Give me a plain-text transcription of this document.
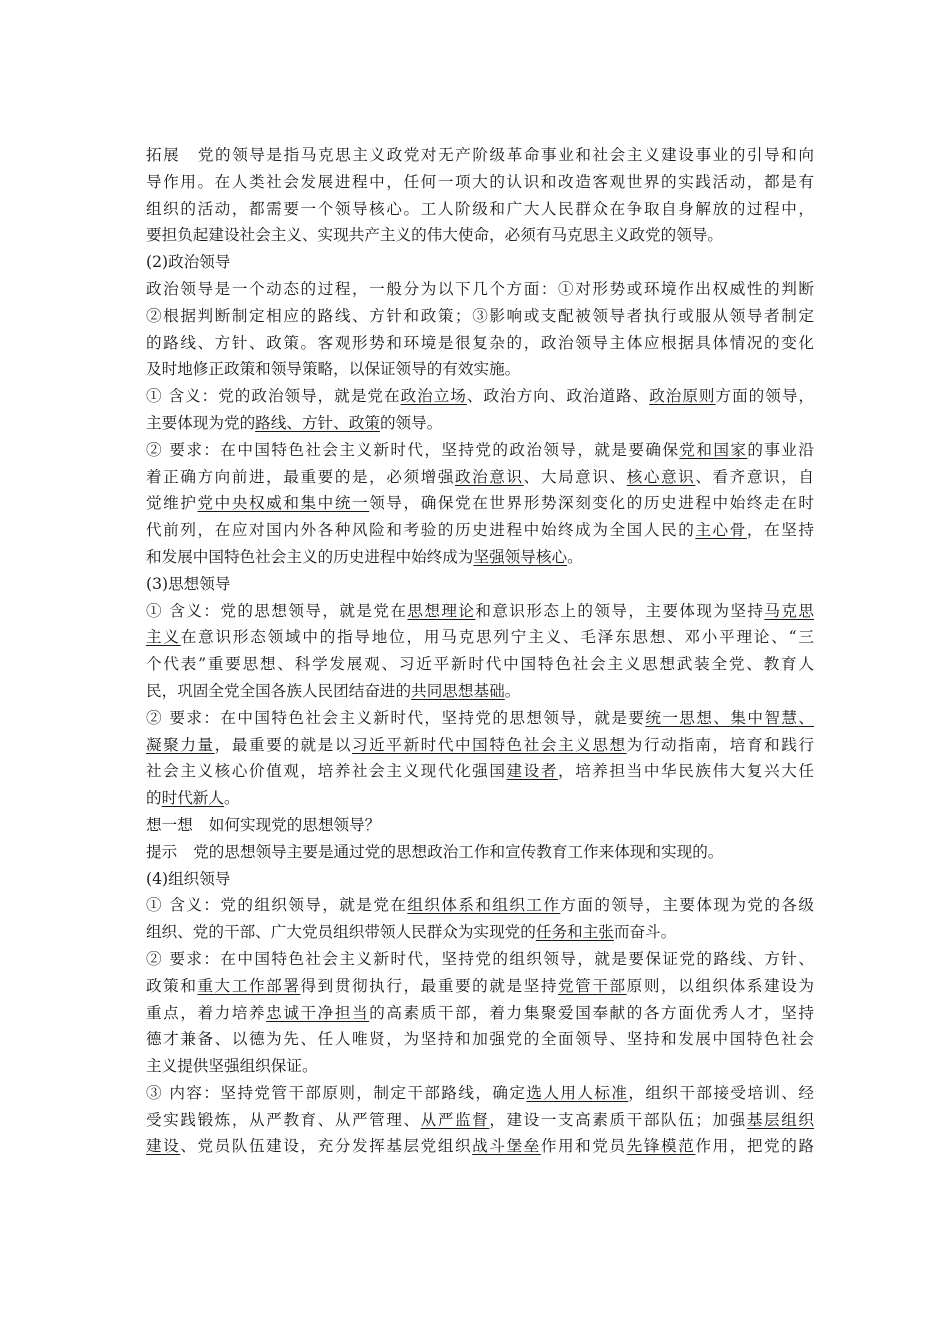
拓展 党的领导是指马克思主义政党对无产阶级革命事业和社会主义建设事业的引导和向
导作用。在人类社会发展进程中，任何一项大的认识和改造客观世界的实践活动，都是有
组织的活动，都需要一个领导核心。工人阶级和广大人民群众在争取自身解放的过程中，
要担负起建设社会主义、实现共产主义的伟大使命，必须有马克思主义政党的领导。

(2)政治领导

政治领导是一个动态的过程，一般分为以下几个方面：①对形势或环境作出权威性的判断
②根据判断制定相应的路线、方针和政策；③影响或支配被领导者执行或服从领导者制定
的路线、方针、政策。客观形势和环境是很复杂的，政治领导主体应根据具体情况的变化
及时地修正政策和领导策略，以保证领导的有效实施。

① 含义：党的政治领导，就是党在政治立场、政治方向、政治道路、政治原则方面的领导，
主要体现为党的路线、方针、政策的领导。

② 要求：在中国特色社会主义新时代，坚持党的政治领导，就是要确保党和国家的事业沿
着正确方向前进，最重要的是，必须增强政治意识、大局意识、核心意识、看齐意识，自
觉维护党中央权威和集中统一领导，确保党在世界形势深刻变化的历史进程中始终走在时
代前列，在应对国内外各种风险和考验的历史进程中始终成为全国人民的主心骨，在坚持
和发展中国特色社会主义的历史进程中始终成为坚强领导核心。

(3)思想领导

① 含义：党的思想领导，就是党在思想理论和意识形态上的领导，主要体现为坚持马克思
主义在意识形态领域中的指导地位，用马克思列宁主义、毛泽东思想、邓小平理论、“三
个代表”重要思想、科学发展观、习近平新时代中国特色社会主义思想武装全党、教育人
民，巩固全党全国各族人民团结奋进的共同思想基础。

② 要求：在中国特色社会主义新时代，坚持党的思想领导，就是要统一思想、集中智慧、
凝聚力量，最重要的就是以习近平新时代中国特色社会主义思想为行动指南，培育和践行
社会主义核心价值观，培养社会主义现代化强国建设者，培养担当中华民族伟大复兴大任
的时代新人。

想一想 如何实现党的思想领导？

提示 党的思想领导主要是通过党的思想政治工作和宣传教育工作来体现和实现的。

(4)组织领导

① 含义：党的组织领导，就是党在组织体系和组织工作方面的领导，主要体现为党的各级
组织、党的干部、广大党员组织带领人民群众为实现党的任务和主张而奋斗。

② 要求：在中国特色社会主义新时代，坚持党的组织领导，就是要保证党的路线、方针、
政策和重大工作部署得到贯彻执行，最重要的就是坚持党管干部原则，以组织体系建设为
重点，着力培养忠诚干净担当的高素质干部，着力集聚爱国奉献的各方面优秀人才，坚持
德才兼备、以德为先、任人唯贤，为坚持和加强党的全面领导、坚持和发展中国特色社会
主义提供坚强组织保证。

③ 内容：坚持党管干部原则，制定干部路线，确定选人用人标准，组织干部接受培训、经
受实践锻炼，从严教育、从严管理、从严监督，建设一支高素质干部队伍；加强基层组织
建设、党员队伍建设，充分发挥基层党组织战斗堡垒作用和党员先锋模范作用，把党的路
